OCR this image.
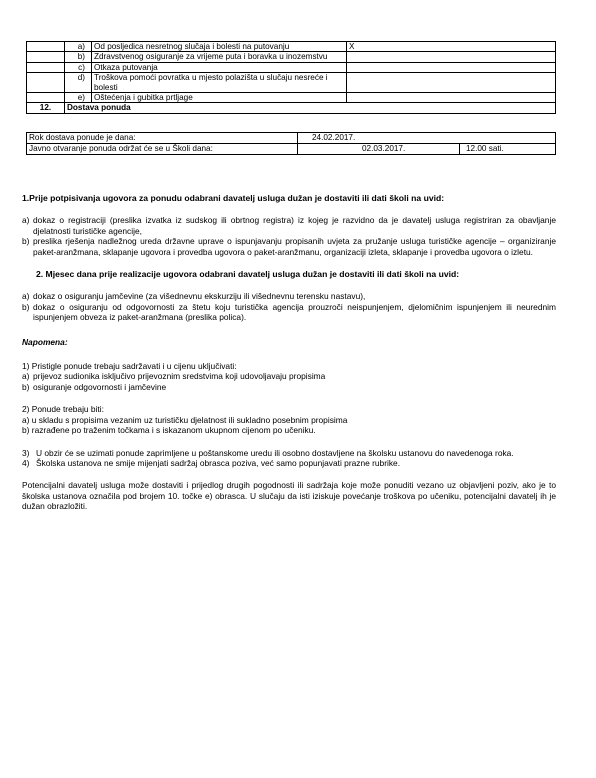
	a)	Od posljedica nesretnog slučaja i bolesti na putovanju	X
	b)	Zdravstvenog osiguranje za vrijeme puta i boravka u inozemstvu	
	c)	Otkaza putovanja	
	d)	Troškova pomoći povratka u mjesto polazišta u slučaju nesreće i bolesti	
	e)	Oštećenja i gubitka prtljage	
12.	Dostava ponuda		
Rok dostava ponude je dana:	24.02.2017.	
Javno otvaranje ponuda održat će se u Školi dana:	02.03.2017.	12.00 sati.

1.Prije potpisivanja ugovora za ponudu odabrani davatelj usluga dužan je dostaviti ili dati školi na uvid:

a) dokaz o registraciji (preslika izvatka iz sudskog ili obrtnog registra) iz kojeg je razvidno da je davatelj usluga registriran za obavljanje djelatnosti turističke agencije,
b) preslika rješenja nadležnog ureda državne uprave o ispunjavanju propisanih uvjeta za pružanje usluga turističke agencije – organiziranje paket-aranžmana, sklapanje ugovora i provedba ugovora o paket-aranžmanu, organizaciji izleta, sklapanje i provedba ugovora o izletu.

2. Mjesec dana prije realizacije ugovora odabrani davatelj usluga dužan je dostaviti ili dati školi na uvid:

a) dokaz o osiguranju jamčevine (za višednevnu ekskurziju ili višednevnu terensku nastavu),
b) dokaz o osiguranju od odgovornosti za štetu koju turistička agencija prouzroči neispunjenjem, djelomičnim ispunjenjem ili neurednim ispunjenjem obveza iz paket-aranžmana (preslika polica).

Napomena:

1) Pristigle ponude trebaju sadržavati i u cijenu uključivati:

a) prijevoz sudionika isključivo prijevoznim sredstvima koji udovoljavaju propisima
b) osiguranje odgovornosti i jamčevine

2) Ponude trebaju biti:

a) u skladu s propisima vezanim uz turističku djelatnost ili sukladno posebnim propisima

b) razrađene po traženim točkama i s iskazanom ukupnom cijenom po učeniku.

3) U obzir će se uzimati ponude zaprimljene u poštanskome uredu ili osobno dostavljene na školsku ustanovu do navedenoga roka.
4) Školska ustanova ne smije mijenjati sadržaj obrasca poziva, već samo popunjavati prazne rubrike.

Potencijalni davatelj usluga može dostaviti i prijedlog drugih pogodnosti ili sadržaja koje može ponuditi vezano uz objavljeni poziv, ako je to školska ustanova označila pod brojem 10. točke e) obrasca. U slučaju da isti iziskuje povećanje troškova po učeniku, potencijalni davatelj ih je dužan obrazložiti.
